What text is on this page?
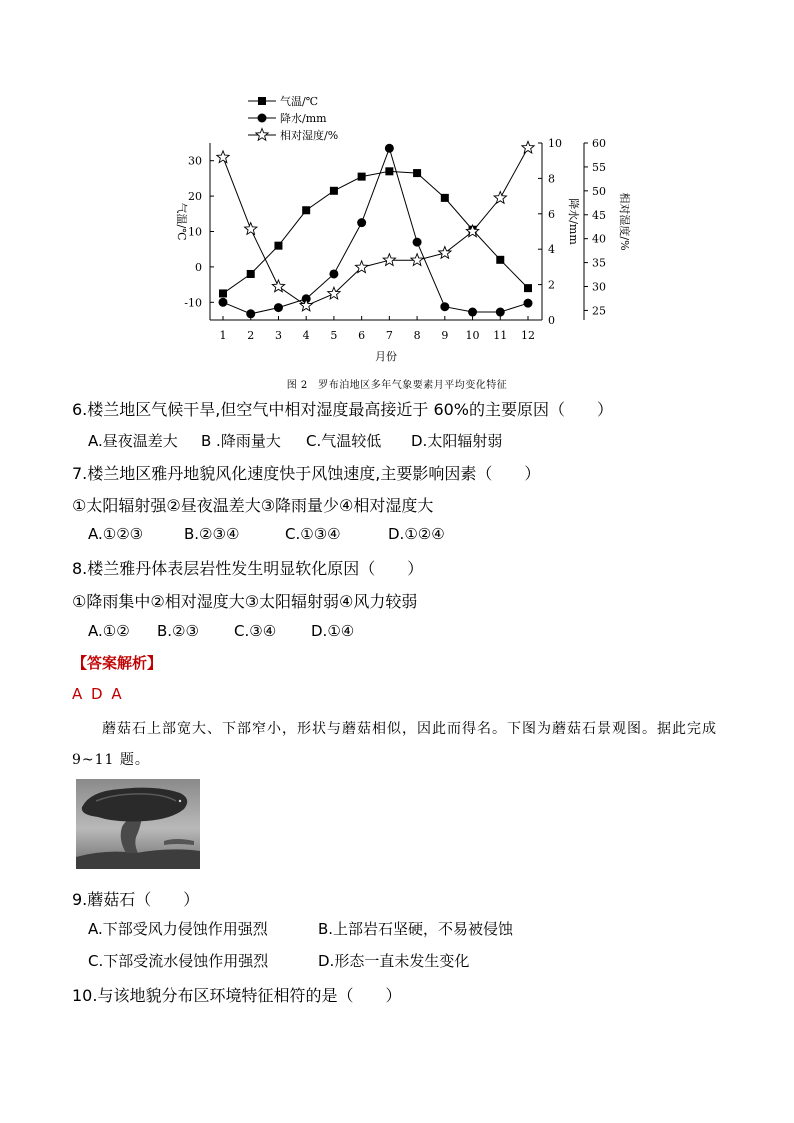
1 2 3 4 5 6 7 8 9 10 11 12
月份
30
20
10
0
-10
气温/℃
10
8
6
4
2
0
降水/mm
60
55
50
45
40
35
30
25
相对湿度/%
气温/℃
降水/mm
相对湿度/%
图 2　罗布泊地区多年气象要素月平均变化特征
6.楼兰地区气候干旱,但空气中相对湿度最高接近于 60%的主要原因（　　）
A.昼夜温差大 B .降雨量大 C.气温较低 D.太阳辐射弱
7.楼兰地区雅丹地貌风化速度快于风蚀速度,主要影响因素（　　）
①太阳辐射强②昼夜温差大③降雨量少④相对湿度大
A.①②③	B.②③④	C.①③④	D.①②④
8.楼兰雅丹体表层岩性发生明显软化原因（　　）
①降雨集中②相对湿度大③太阳辐射弱④风力较弱
A.①② B.②③ C.③④ D.①④
【答案解析】
A D A
蘑菇石上部宽大、下部窄小，形状与蘑菇相似，因此而得名。下图为蘑菇石景观图。据此完成 9~11 题。
9.蘑菇石（　　）
A.下部受风力侵蚀作用强烈	B.上部岩石坚硬，不易被侵蚀
C.下部受流水侵蚀作用强烈	D.形态一直未发生变化
10.与该地貌分布区环境特征相符的是（　　）
